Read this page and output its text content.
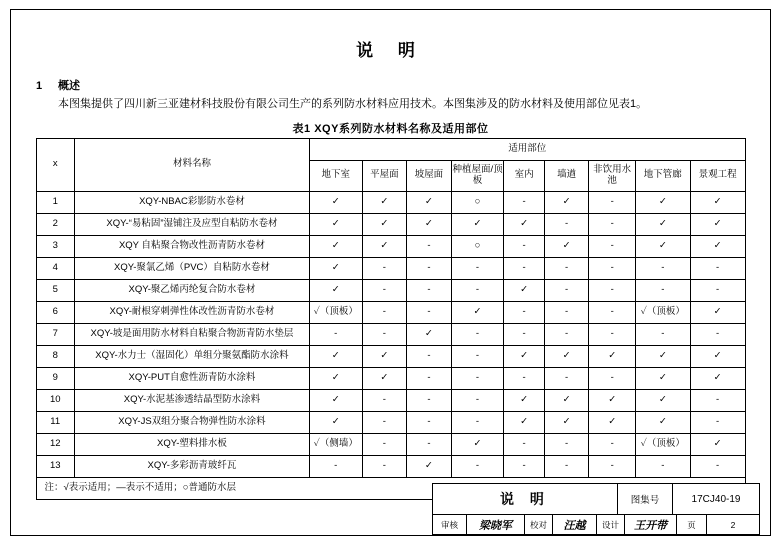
说 明
1 概述
本图集提供了四川新三亚建材科技股份有限公司生产的系列防水材料应用技术。本图集涉及的防水材料及使用部位见表1。
表1 XQY系列防水材料名称及适用部位
x	材料名称	适用部位								
		地下室	平屋面	坡屋面	种植屋面/顶板	室内	墙遒	非饮用水池	地下管廊	景观工程
1	XQY-NBAC彩影防水卷材	✓	✓	✓	○	-	✓	-	✓	✓
2	XQY-“易粘固”湿铺注及应型自粘防水卷材	✓	✓	✓	✓	✓	-	-	✓	✓
3	XQY 自粘聚合物改性沥青防水卷材	✓	✓	-	○	-	✓	-	✓	✓
4	XQY-聚氯乙烯（PVC）自粘防水卷材	✓	-	-	-	-	-	-	-	-
5	XQY-聚乙烯丙纶复合防水卷材	✓	-	-	-	✓	-	-	-	-
6	XQY-耐根穿刺弹性体改性沥青防水卷材	✓（顶板）	-	-	✓	-	-	-	✓（顶板）	✓
7	XQY-坡是面用防水材料自粘聚合物沥青防水垫层	-	-	✓	-	-	-	-	-	-
8	XQY-水力士（湿固化）单组分聚氨酯防水涂料	✓	✓	-	-	✓	✓	✓	✓	✓
9	XQY-PUT自愈性沥青防水涂料	✓	✓	-	-	-	-	-	✓	✓
10	XQY-水泥基渗透结晶型防水涂料	✓	-	-	-	✓	✓	✓	✓	-
11	XQY-JS双组分聚合物弹性防水涂料	✓	-	-	-	✓	✓	✓	✓	-
12	XQY-塑料排水板	✓（侧墙）	-	-	✓	-	-	-	✓（顶板）	✓
13	XQY-多彩沥青玻纤瓦	-	-	✓	-	-	-	-	-	-
注：√表示适用；—表示不适用；○普通防水层										
说 明	图集号	17CJ40-19
审核	梁晓军	校对	汪越	设计	王开带	页	2
